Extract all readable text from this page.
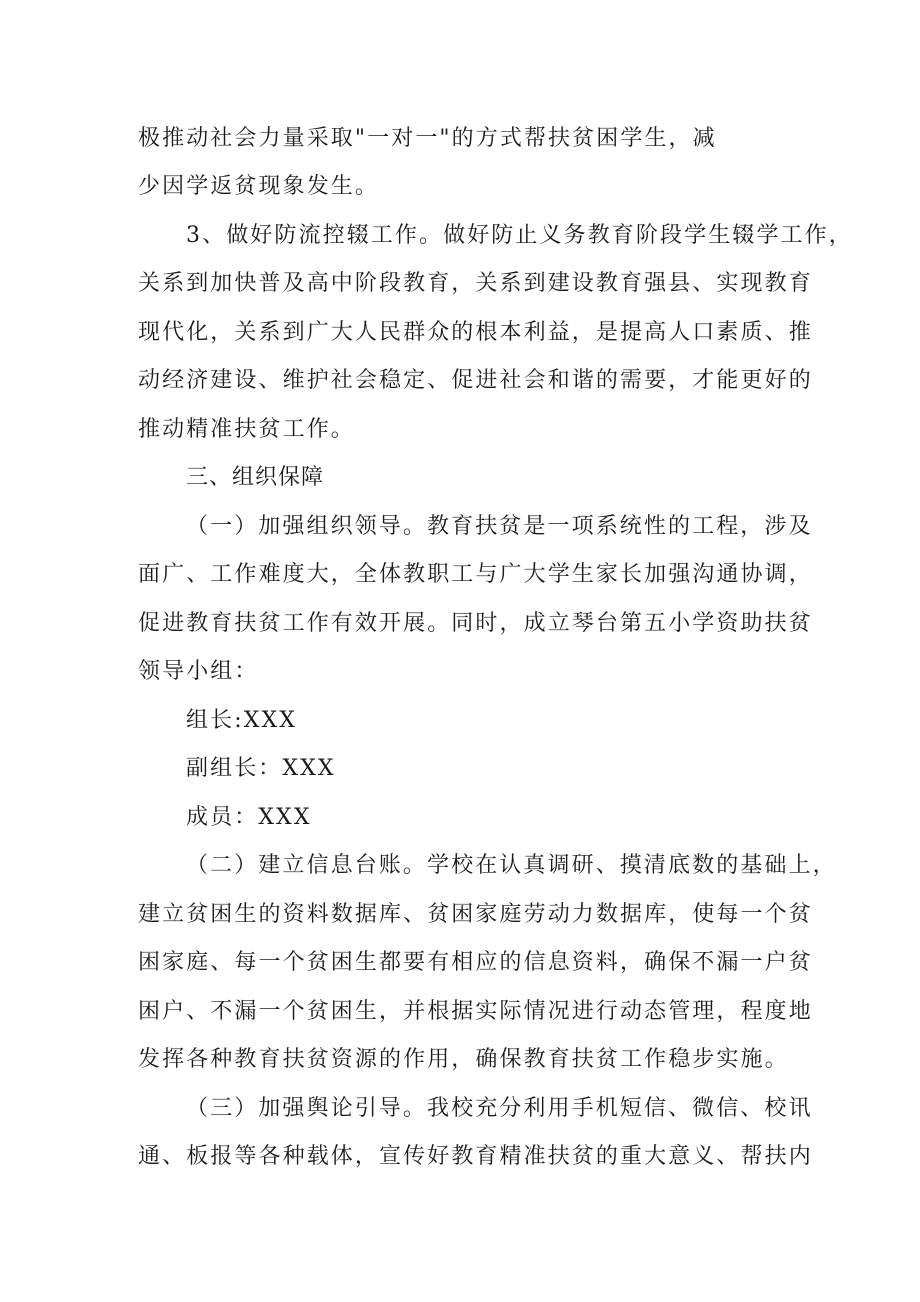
极推动社会力量采取"一对一"的方式帮扶贫困学生，减
少因学返贫现象发生。
3、做好防流控辍工作。做好防止义务教育阶段学生辍学工作，
关系到加快普及高中阶段教育，关系到建设教育强县、实现教育
现代化，关系到广大人民群众的根本利益，是提高人口素质、推
动经济建设、维护社会稳定、促进社会和谐的需要，才能更好的
推动精准扶贫工作。
三、组织保障
（一）加强组织领导。教育扶贫是一项系统性的工程，涉及
面广、工作难度大，全体教职工与广大学生家长加强沟通协调，
促进教育扶贫工作有效开展。同时，成立琴台第五小学资助扶贫
领导小组：
组长:XXX
副组长：XXX
成员：XXX
（二）建立信息台账。学校在认真调研、摸清底数的基础上，
建立贫困生的资料数据库、贫困家庭劳动力数据库，使每一个贫
困家庭、每一个贫困生都要有相应的信息资料，确保不漏一户贫
困户、不漏一个贫困生，并根据实际情况进行动态管理，程度地
发挥各种教育扶贫资源的作用，确保教育扶贫工作稳步实施。
（三）加强舆论引导。我校充分利用手机短信、微信、校讯
通、板报等各种载体，宣传好教育精准扶贫的重大意义、帮扶内
